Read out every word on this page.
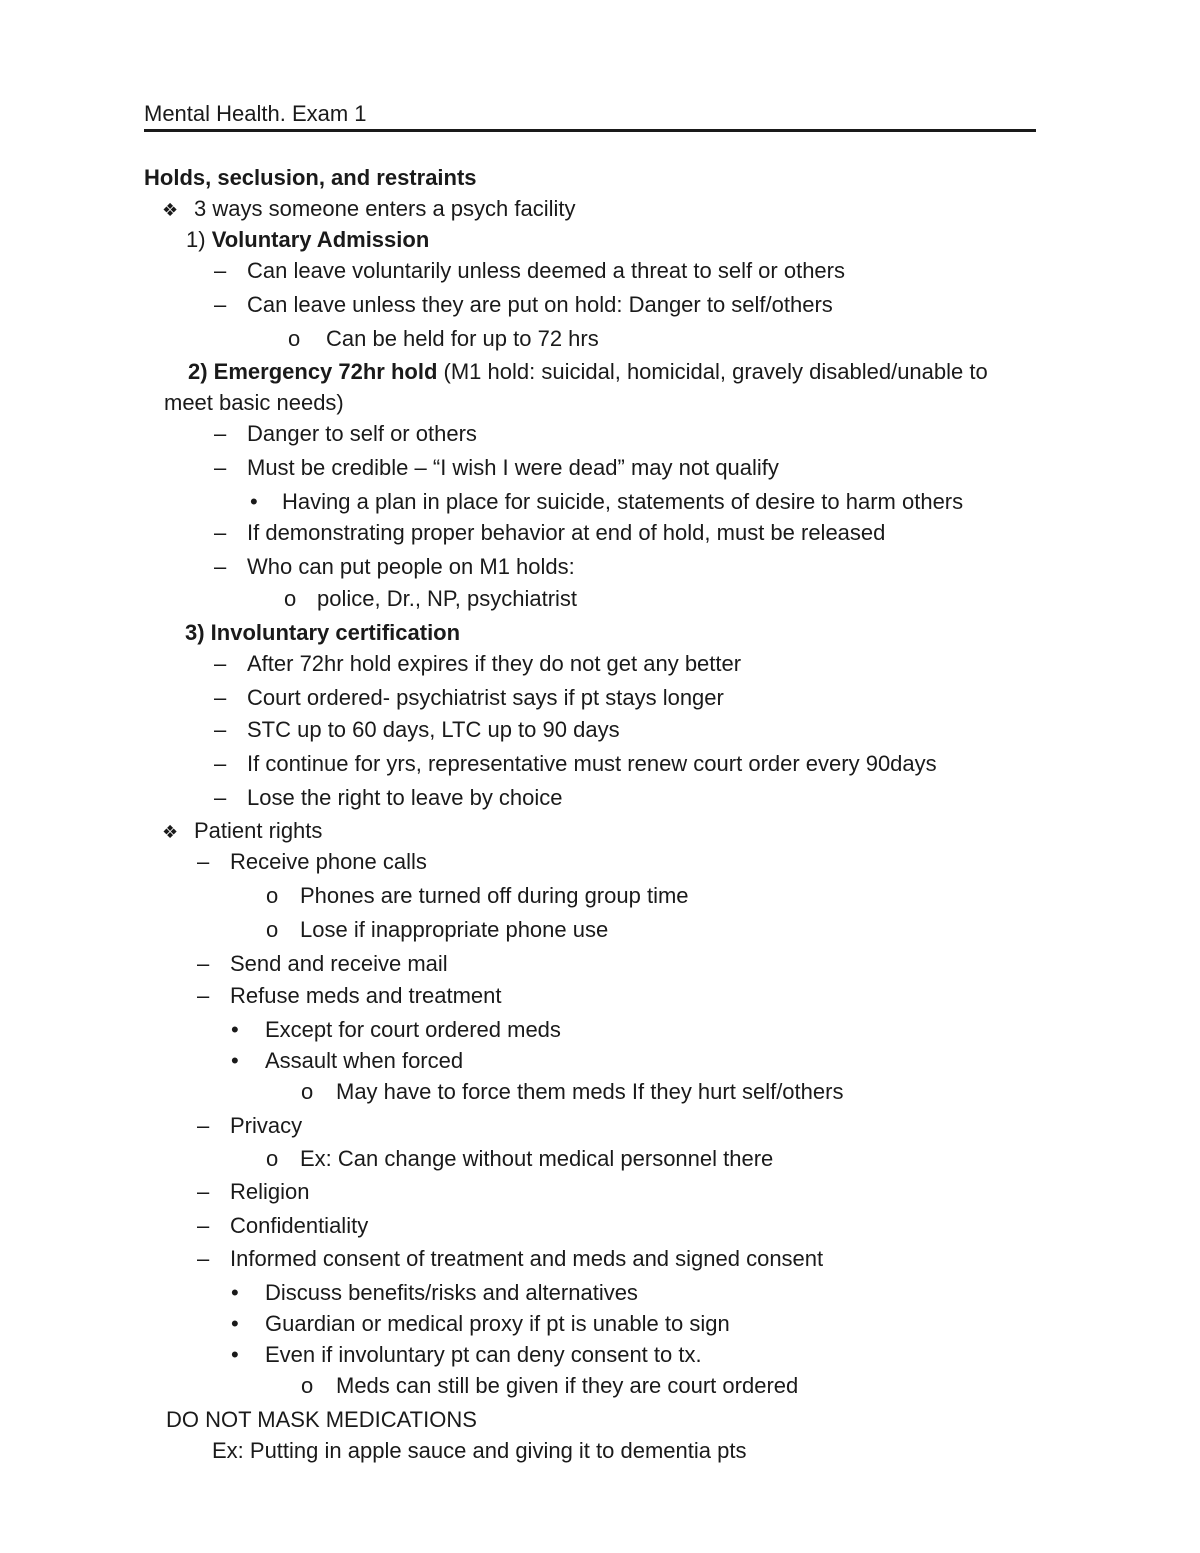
Mental Health. Exam 1
Holds, seclusion, and restraints
❖ 3 ways someone enters a psych facility
1) Voluntary Admission
– Can leave voluntarily unless deemed a threat to self or others
– Can leave unless they are put on hold: Danger to self/others
o Can be held for up to 72 hrs
2) Emergency 72hr hold (M1 hold: suicidal, homicidal, gravely disabled/unable to
meet basic needs)
– Danger to self or others
– Must be credible – “I wish I were dead” may not qualify
• Having a plan in place for suicide, statements of desire to harm others
– If demonstrating proper behavior at end of hold, must be released
– Who can put people on M1 holds:
o police, Dr., NP, psychiatrist
3) Involuntary certification
– After 72hr hold expires if they do not get any better
– Court ordered- psychiatrist says if pt stays longer
– STC up to 60 days, LTC up to 90 days
– If continue for yrs, representative must renew court order every 90days
– Lose the right to leave by choice
❖ Patient rights
– Receive phone calls
o Phones are turned off during group time
o Lose if inappropriate phone use
– Send and receive mail
– Refuse meds and treatment
• Except for court ordered meds
• Assault when forced
o May have to force them meds If they hurt self/others
– Privacy
o Ex: Can change without medical personnel there
– Religion
– Confidentiality
– Informed consent of treatment and meds and signed consent
• Discuss benefits/risks and alternatives
• Guardian or medical proxy if pt is unable to sign
• Even if involuntary pt can deny consent to tx.
o Meds can still be given if they are court ordered
DO NOT MASK MEDICATIONS
Ex: Putting in apple sauce and giving it to dementia pts
